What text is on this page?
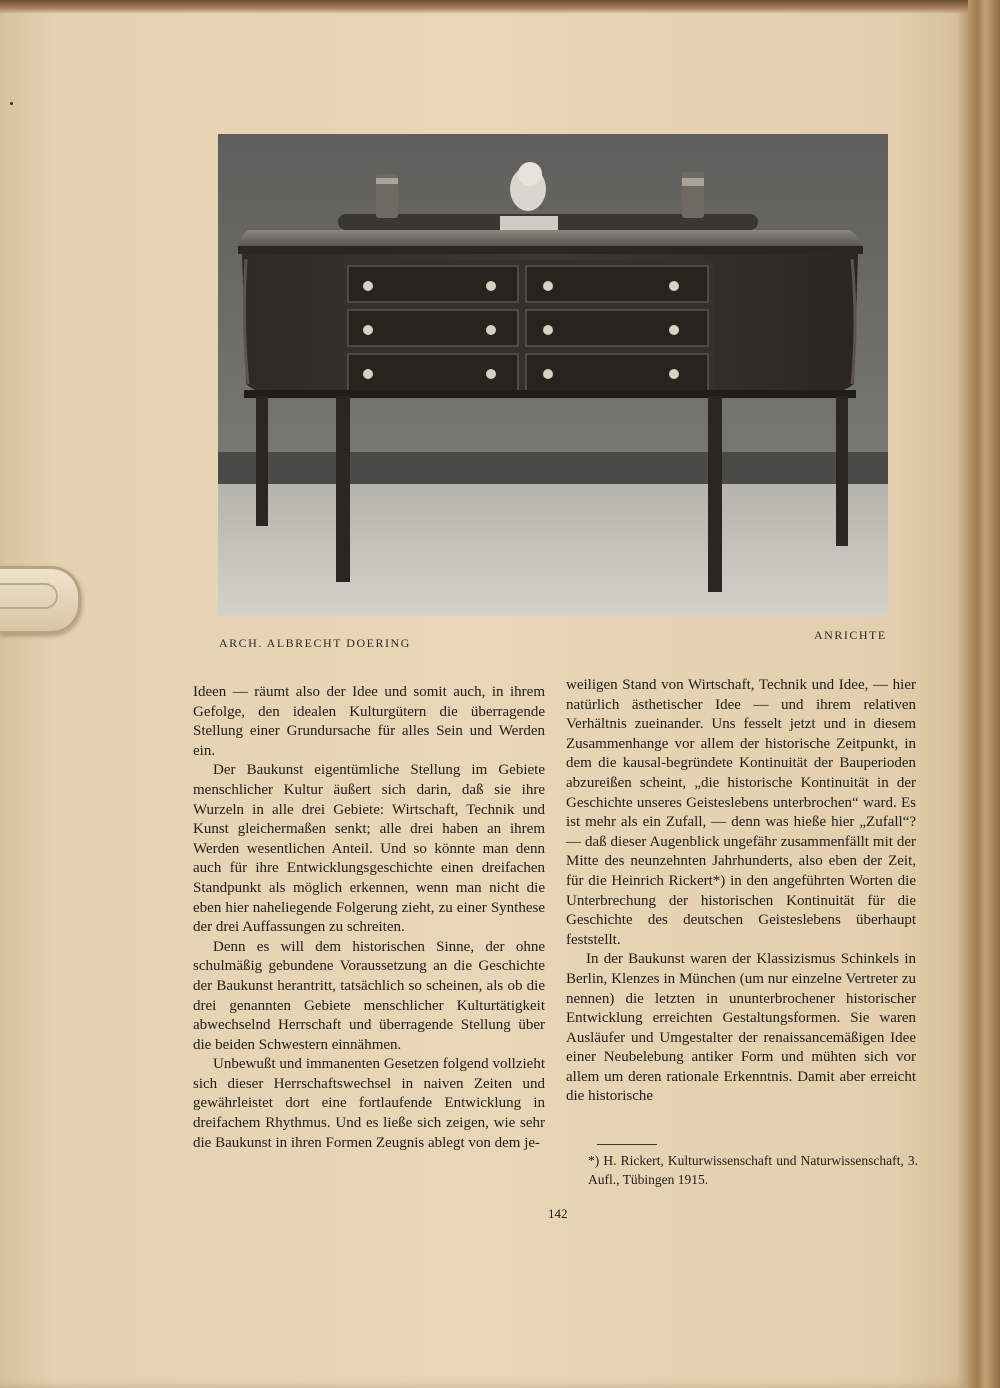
ARCH. ALBRECHT DOERING
ANRICHTE

Ideen — räumt also der Idee und somit auch, in ihrem Gefolge, den idealen Kulturgütern die überragende Stellung einer Grundursache für alles Sein und Werden ein.

Der Baukunst eigentümliche Stellung im Gebiete menschlicher Kultur äußert sich darin, daß sie ihre Wurzeln in alle drei Gebiete: Wirtschaft, Technik und Kunst gleichermaßen senkt; alle drei haben an ihrem Werden wesentlichen Anteil. Und so könnte man denn auch für ihre Entwicklungsgeschichte einen dreifachen Standpunkt als möglich erkennen, wenn man nicht die eben hier naheliegende Folgerung zieht, zu einer Synthese der drei Auffassungen zu schreiten.

Denn es will dem historischen Sinne, der ohne schulmäßig gebundene Voraussetzung an die Geschichte der Baukunst herantritt, tatsächlich so scheinen, als ob die drei genannten Gebiete menschlicher Kulturtätigkeit abwechselnd Herrschaft und überragende Stellung über die beiden Schwestern einnähmen.

Unbewußt und immanenten Gesetzen folgend vollzieht sich dieser Herrschaftswechsel in naiven Zeiten und gewährleistet dort eine fortlaufende Entwicklung in dreifachem Rhythmus. Und es ließe sich zeigen, wie sehr die Baukunst in ihren Formen Zeugnis ablegt von dem je-

weiligen Stand von Wirtschaft, Technik und Idee, — hier natürlich ästhetischer Idee — und ihrem relativen Verhältnis zueinander. Uns fesselt jetzt und in diesem Zusammenhange vor allem der historische Zeitpunkt, in dem die kausal-begründete Kontinuität der Bauperioden abzureißen scheint, „die historische Kontinuität in der Geschichte unseres Geisteslebens unterbrochen“ ward. Es ist mehr als ein Zufall, — denn was hieße hier „Zufall“? — daß dieser Augenblick ungefähr zusammenfällt mit der Mitte des neunzehnten Jahrhunderts, also eben der Zeit, für die Heinrich Rickert*) in den angeführten Worten die Unterbrechung der historischen Kontinuität für die Geschichte des deutschen Geisteslebens überhaupt feststellt.

In der Baukunst waren der Klassizismus Schinkels in Berlin, Klenzes in München (um nur einzelne Vertreter zu nennen) die letzten in ununterbrochener historischer Entwicklung erreichten Gestaltungsformen. Sie waren Ausläufer und Umgestalter der renaissancemäßigen Idee einer Neubelebung antiker Form und mühten sich vor allem um deren rationale Erkenntnis. Damit aber erreicht die historische

*) H. Rickert, Kulturwissenschaft und Naturwissenschaft, 3. Aufl., Tübingen 1915.
142
